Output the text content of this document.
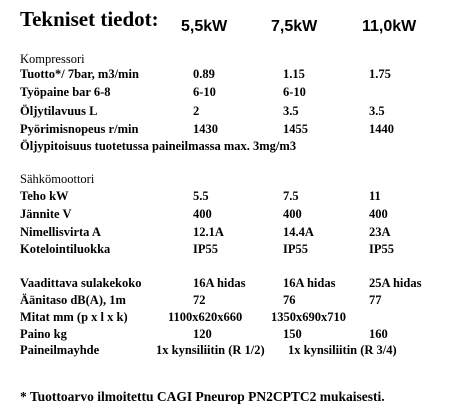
Tekniset tiedot: 5,5kW	7,5kW	11,0kW
Kompressori
Tuotto*/ 7bar, m3/min	0.89	1.15	1.75
Työpaine bar 6-8	6-10	6-10
Öljytilavuus L	2	3.5	3.5
Pyörimisnopeus r/min	1430	1455	1440
Öljypitoisuus tuotetussa paineilmassa max. 3mg/m3
Sähkömoottori
Teho kW	5.5	7.5	11
Jännite V	400	400	400
Nimellisvirta A	12.1A	14.4A	23A
Kotelointiluokka	IP55	IP55	IP55
Vaadittava sulakekoko	16A hidas	16A hidas	25A hidas
Äänitaso dB(A), 1m	72	76	77
Mitat mm (p x l x k)	1100x620x660 1350x690x710
Paino kg	120	150	160
Paineilmayhde	1x kynsiliitin (R 1/2) 1x kynsiliitin (R 3/4)
* Tuottoarvo ilmoitettu CAGI Pneurop PN2CPTC2 mukaisesti.
